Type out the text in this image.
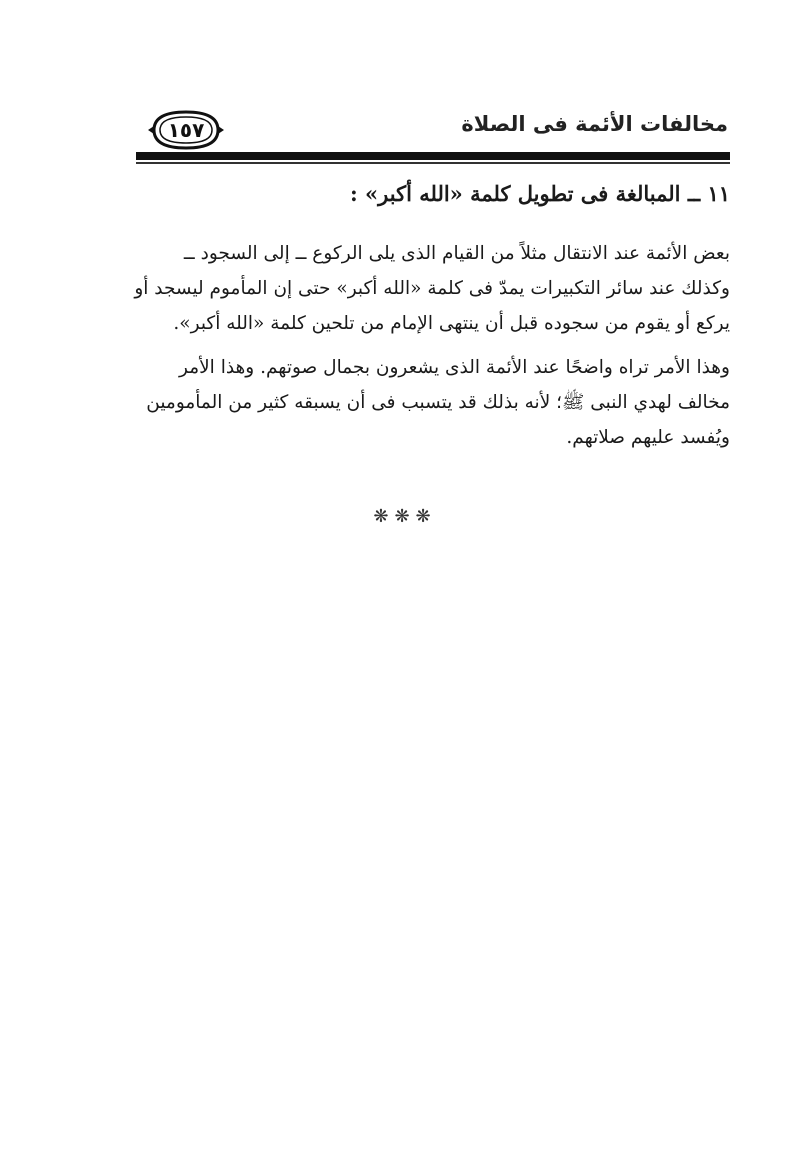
مخالفات الأئمة فى الصلاة
١٥٧
١١ ــ المبالغة فى تطويل كلمة «الله أكبر» :
بعض الأئمة عند الانتقال مثلاً من القيام الذى يلى الركوع ــ إلى السجود ــ
وكذلك عند سائر التكبيرات يمدّ فى كلمة «الله أكبر» حتى إن المأموم ليسجد أو
يركع أو يقوم من سجوده قبل أن ينتهى الإمام من تلحين كلمة «الله أكبر».
وهذا الأمر تراه واضحًا عند الأئمة الذى يشعرون بجمال صوتهم. وهذا الأمر
مخالف لهدي النبى ﷺ؛ لأنه بذلك قد يتسبب فى أن يسبقه كثير من المأمومين
ويُفسد عليهم صلاتهم.
❋❋❋
